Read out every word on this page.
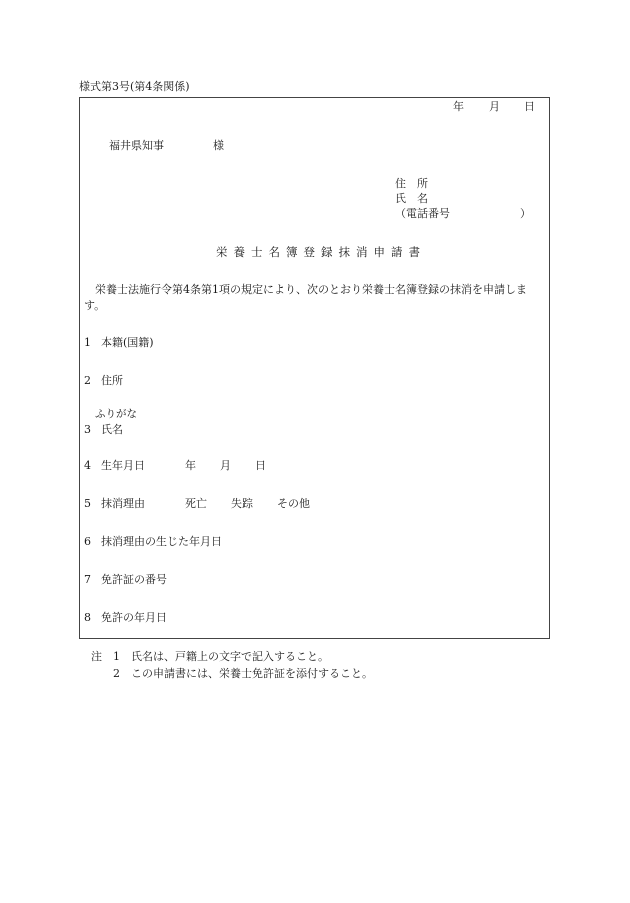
様式第3号(第4条関係)
年 月 日
福井県知事	様
住　所
氏　名
（電話番号	）
栄養士名簿登録抹消申請書
栄養士法施行令第4条第1項の規定により、次のとおり栄養士名簿登録の抹消を申請します。
1 本籍(国籍)
2 住所
ふりがな
3 氏名
4 生年月日	年 月 日
5 抹消理由	死亡 失踪 その他
6 抹消理由の生じた年月日
7 免許証の番号
8 免許の年月日
注 1 氏名は、戸籍上の文字で記入すること。
2 この申請書には、栄養士免許証を添付すること。
